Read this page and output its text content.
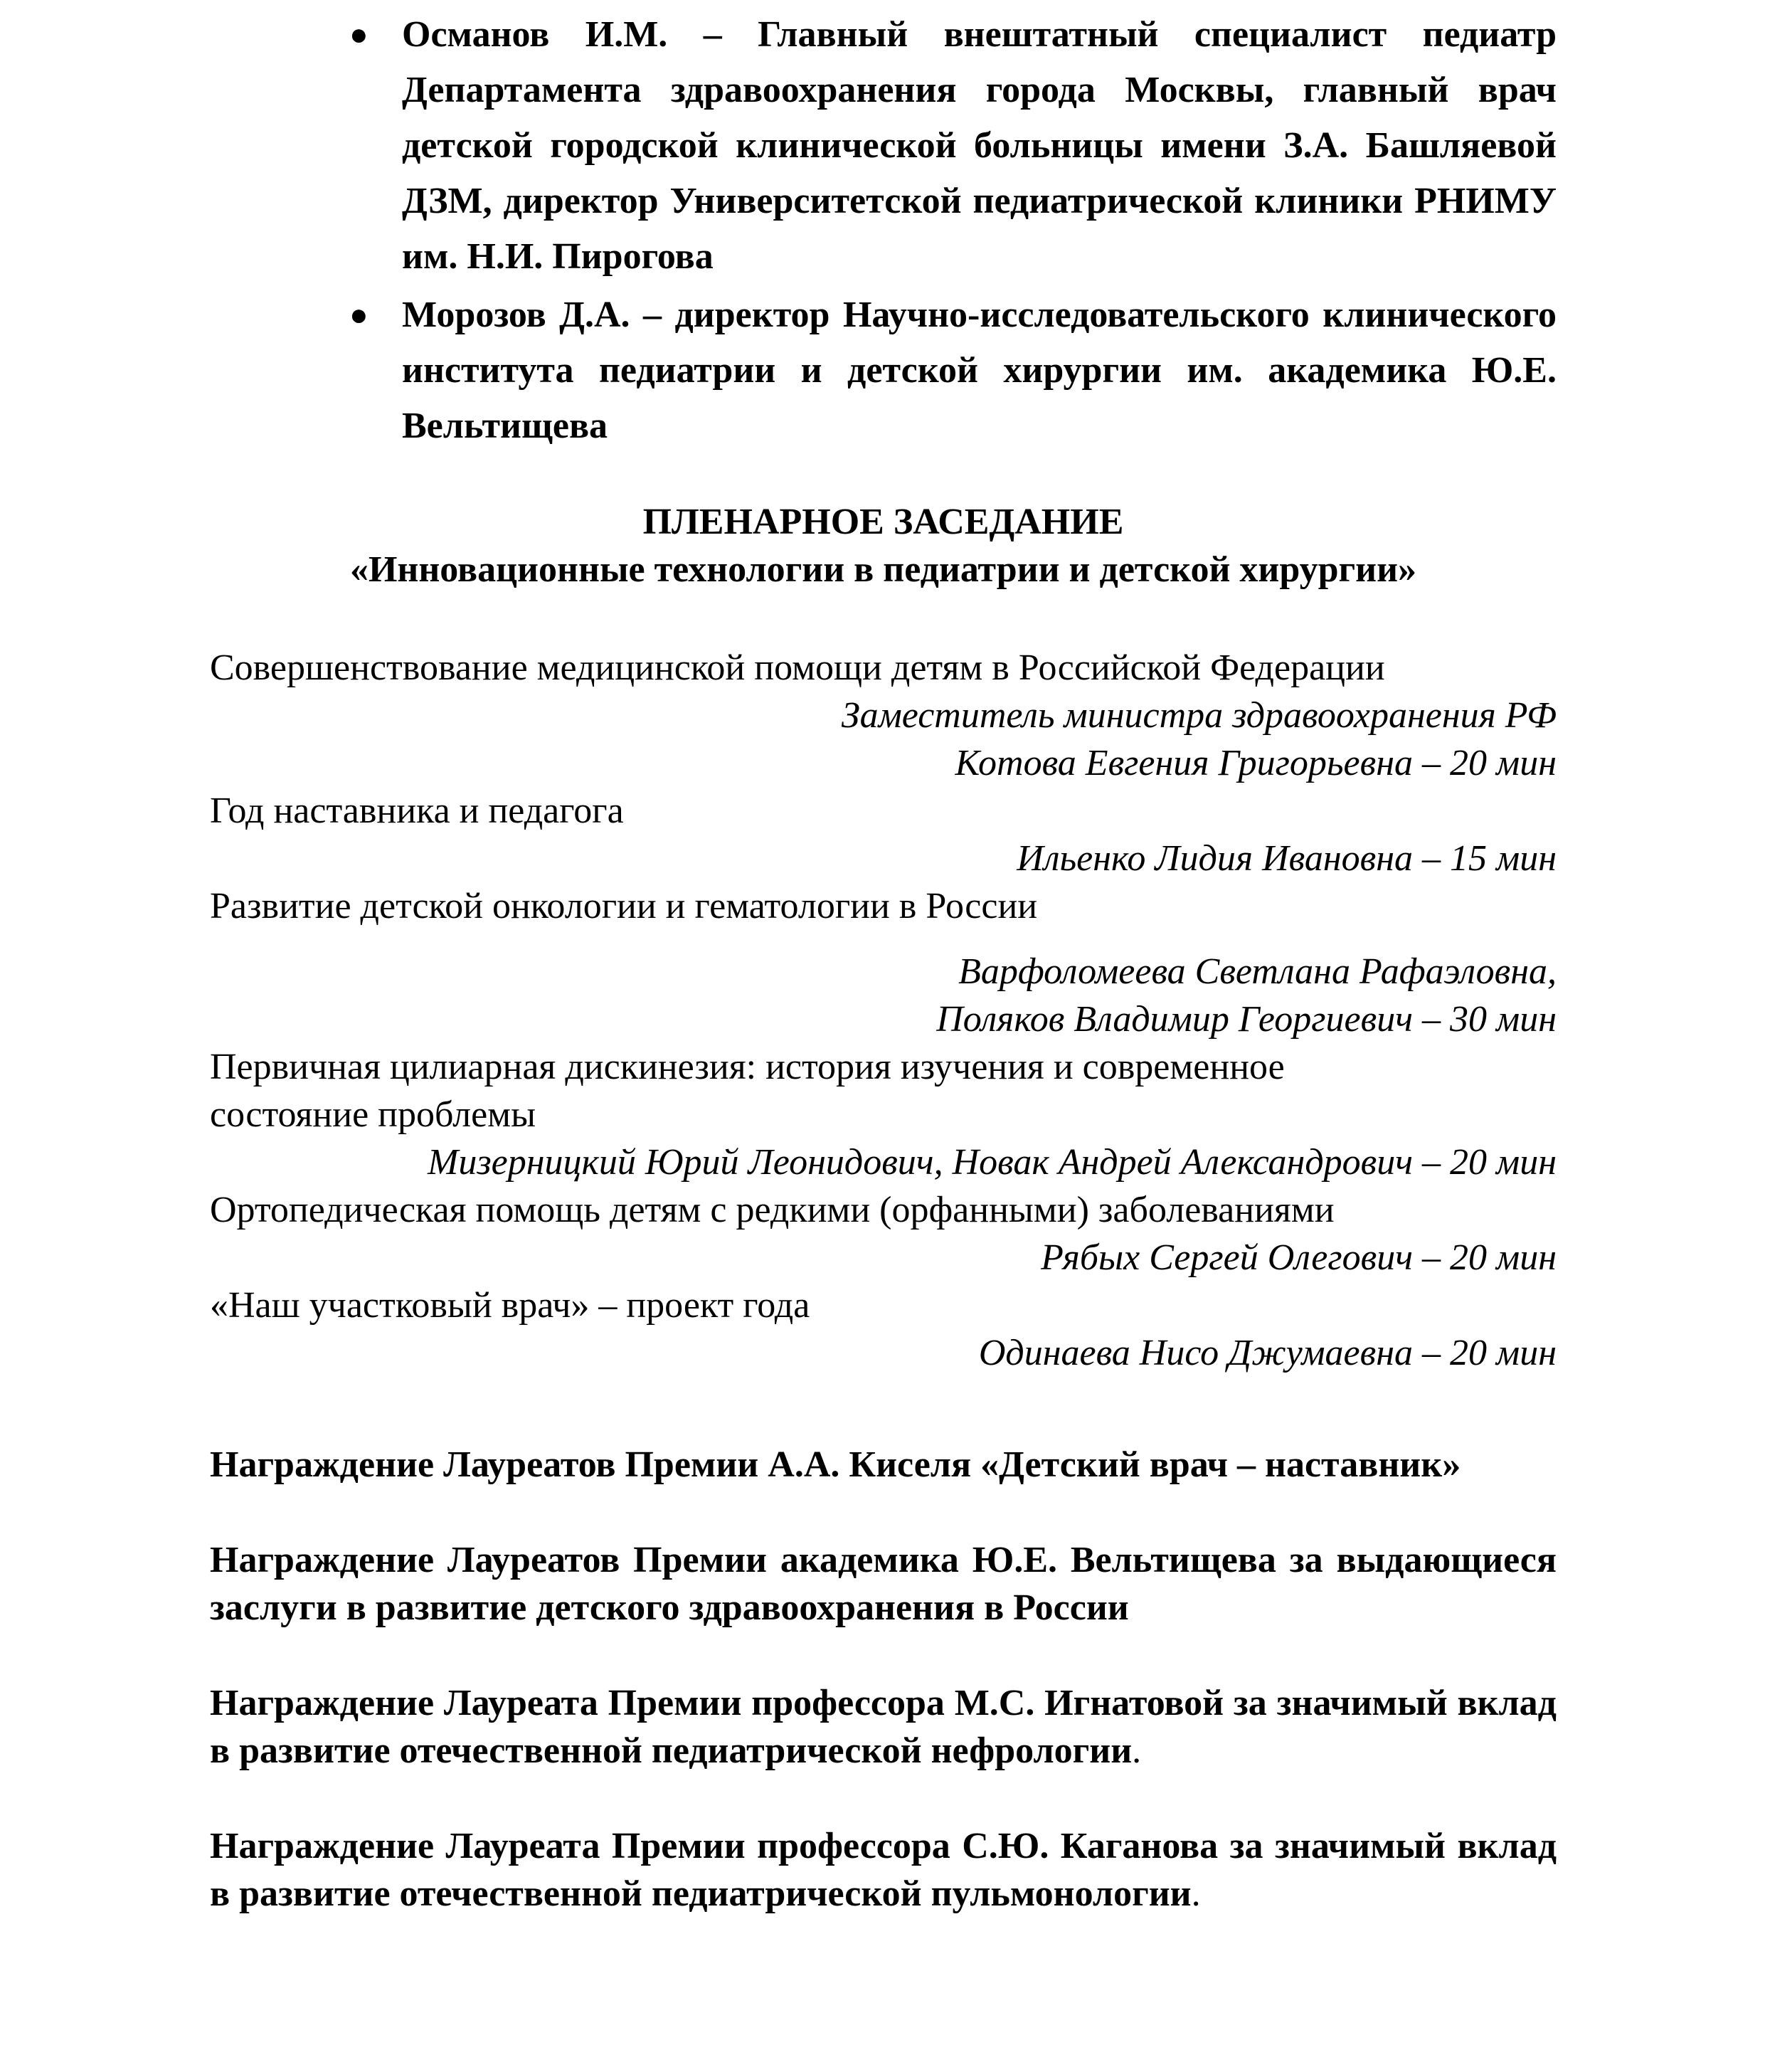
● Османов И.М. – Главный внештатный специалист педиатр Департамента здравоохранения города Москвы, главный врач детской городской клинической больницы имени З.А. Башляевой ДЗМ, директор Университетской педиатрической клиники РНИМУ им. Н.И. Пирогова
● Морозов Д.А. – директор Научно-исследовательского клинического института педиатрии и детской хирургии им. академика Ю.Е. Вельтищева
ПЛЕНАРНОЕ ЗАСЕДАНИЕ
«Инновационные технологии в педиатрии и детской хирургии»

Совершенствование медицинской помощи детям в Российской Федерации

Заместитель министра здравоохранения РФ

Котова Евгения Григорьевна – 20 мин

Год наставника и педагога

Ильенко Лидия Ивановна – 15 мин

Развитие детской онкологии и гематологии в России

Варфоломеева Светлана Рафаэловна,

Поляков Владимир Георгиевич – 30 мин

Первичная цилиарная дискинезия: история изучения и современное

состояние проблемы

Мизерницкий Юрий Леонидович, Новак Андрей Александрович – 20 мин

Ортопедическая помощь детям с редкими (орфанными) заболеваниями

Рябых Сергей Олегович – 20 мин

«Наш участковый врач» – проект года

Одинаева Нисо Джумаевна – 20 мин

Награждение Лауреатов Премии А.А. Киселя «Детский врач – наставник»

Награждение Лауреатов Премии академика Ю.Е. Вельтищева за выдающиеся заслуги в развитие детского здравоохранения в России

Награждение Лауреата Премии профессора М.С. Игнатовой за значимый вклад в развитие отечественной педиатрической нефрологии.

Награждение Лауреата Премии профессора С.Ю. Каганова за значимый вклад в развитие отечественной педиатрической пульмонологии.
